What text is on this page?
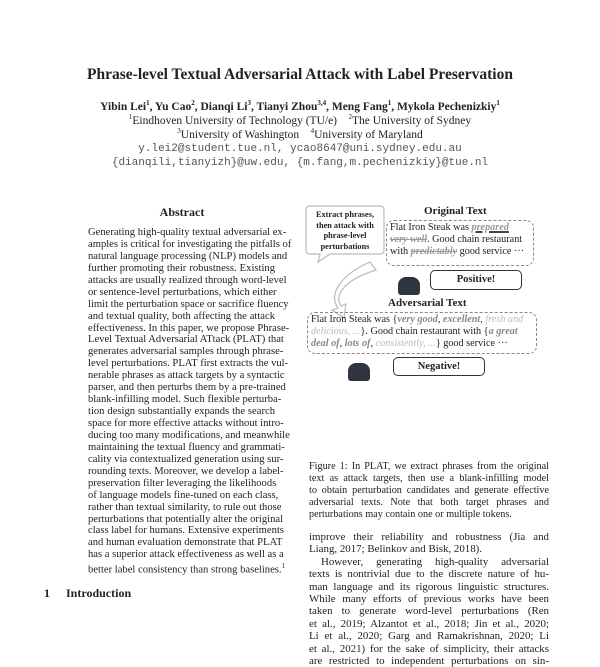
Phrase-level Textual Adversarial Attack with Label Preservation
Yibin Lei$^1$, Yu Cao$^2$, Dianqi Li$^3$, Tianyi Zhou$^{3,4}$, Meng Fang$^1$, Mykola Pechenizkiy$^1$
$^1$Eindhoven University of Technology (TU/e) $^2$The University of Sydney
$^3$University of Washington $^4$University of Maryland
y.lei2@student.tue.nl, ycao8647@uni.sydney.edu.au
{dianqili,tianyizh}@uw.edu, {m.fang,m.pechenizkiy}@tue.nl
Abstract
Generating high-quality textual adversarial ex-
amples is critical for investigating the pitfalls of
natural language processing (NLP) models and
further promoting their robustness. Existing
attacks are usually realized through word-level
or sentence-level perturbations, which either
limit the perturbation space or sacrifice fluency
and textual quality, both affecting the attack
effectiveness. In this paper, we propose Phrase-
Level Textual Adversarial ATtack (PLAT) that
generates adversarial samples through phrase-
level perturbations. PLAT first extracts the vul-
nerable phrases as attack targets by a syntactic
parser, and then perturbs them by a pre-trained
blank-infilling model. Such flexible perturba-
tion design substantially expands the search
space for more effective attacks without intro-
ducing too many modifications, and meanwhile
maintaining the textual fluency and grammati-
cality via contextualized generation using sur-
rounding texts. Moreover, we develop a label-
preservation filter leveraging the likelihoods
of language models fine-tuned on each class,
rather than textual similarity, to rule out those
perturbations that potentially alter the original
class label for humans. Extensive experiments
and human evaluation demonstrate that PLAT
has a superior attack effectiveness as well as a
better label consistency than strong baselines.$^1$
1 Introduction
Extract phrases,
then attack with
phrase-level
perturbations
Original Text
Flat Iron Steak was prepared
very well. Good chain restaurant
with predictably good service ···
Positive!
Adversarial Text
Flat Iron Steak was {very good, excellent, fresh and
delicious, ...}. Good chain restaurant with {a great
deal of, lots of, consistently, ...} good service ···
Negative!
Figure 1: In PLAT, we extract phrases from the original
text as attack targets, then use a blank-infilling model
to obtain perturbation candidates and generate effective
adversarial texts. Note that both target phrases and
perturbations may contain one or multiple tokens.
improve their reliability and robustness (Jia and
Liang, 2017; Belinkov and Bisk, 2018).
However, generating high-quality adversarial
texts is nontrivial due to the discrete nature of hu-
man language and its rigorous linguistic structures.
While many efforts of previous works have been
taken to generate word-level perturbations (Ren
et al., 2019; Alzantot et al., 2018; Jin et al., 2020;
Li et al., 2020; Garg and Ramakrishnan, 2020; Li
et al., 2021) for the sake of simplicity, their attacks
are restricted to independent perturbations on sin-
